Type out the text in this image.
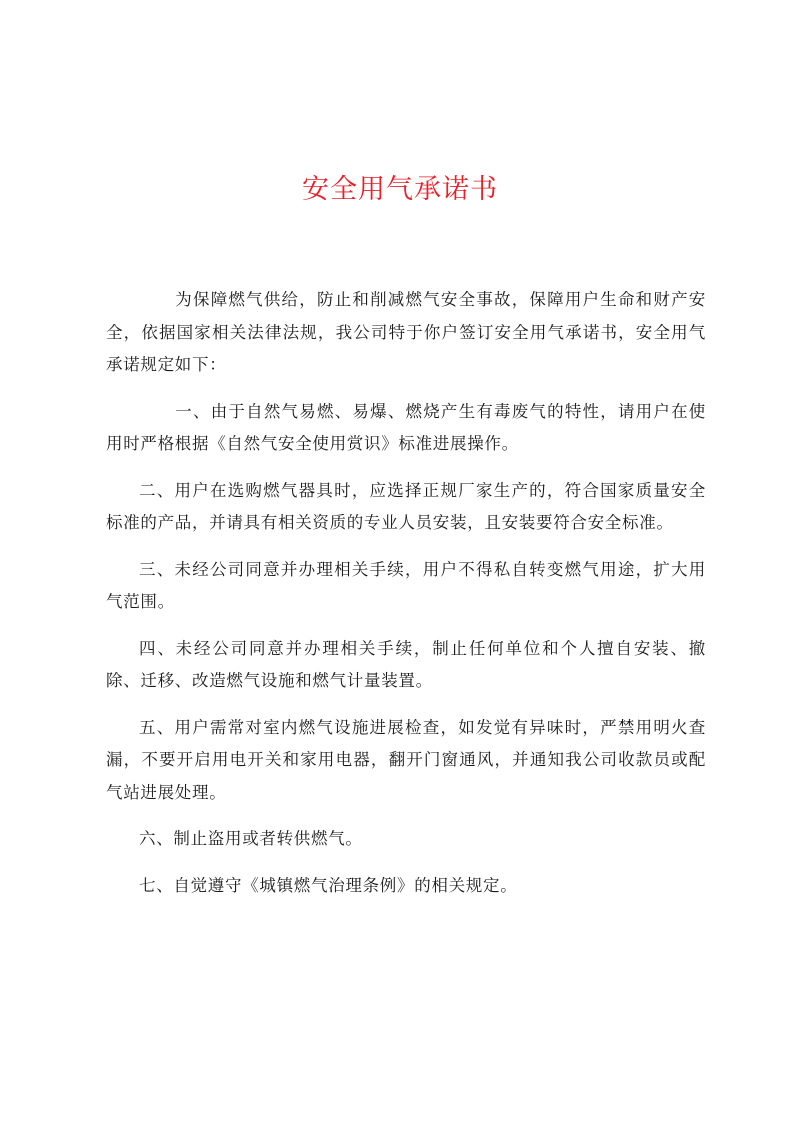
安全用气承诺书

为保障燃气供给，防止和削减燃气安全事故，保障用户生命和财产安全，依据国家相关法律法规，我公司特于你户签订安全用气承诺书，安全用气承诺规定如下：

一、由于自然气易燃、易爆、燃烧产生有毒废气的特性，请用户在使用时严格根据《自然气安全使用赏识》标准进展操作。

二、用户在选购燃气器具时，应选择正规厂家生产的，符合国家质量安全标准的产品，并请具有相关资质的专业人员安装，且安装要符合安全标准。

三、未经公司同意并办理相关手续，用户不得私自转变燃气用途，扩大用气范围。

四、未经公司同意并办理相关手续，制止任何单位和个人擅自安装、撤除、迁移、改造燃气设施和燃气计量装置。

五、用户需常对室内燃气设施进展检查，如发觉有异味时，严禁用明火查漏，不要开启用电开关和家用电器，翻开门窗通风，并通知我公司收款员或配气站进展处理。

六、制止盗用或者转供燃气。

七、自觉遵守《城镇燃气治理条例》的相关规定。
